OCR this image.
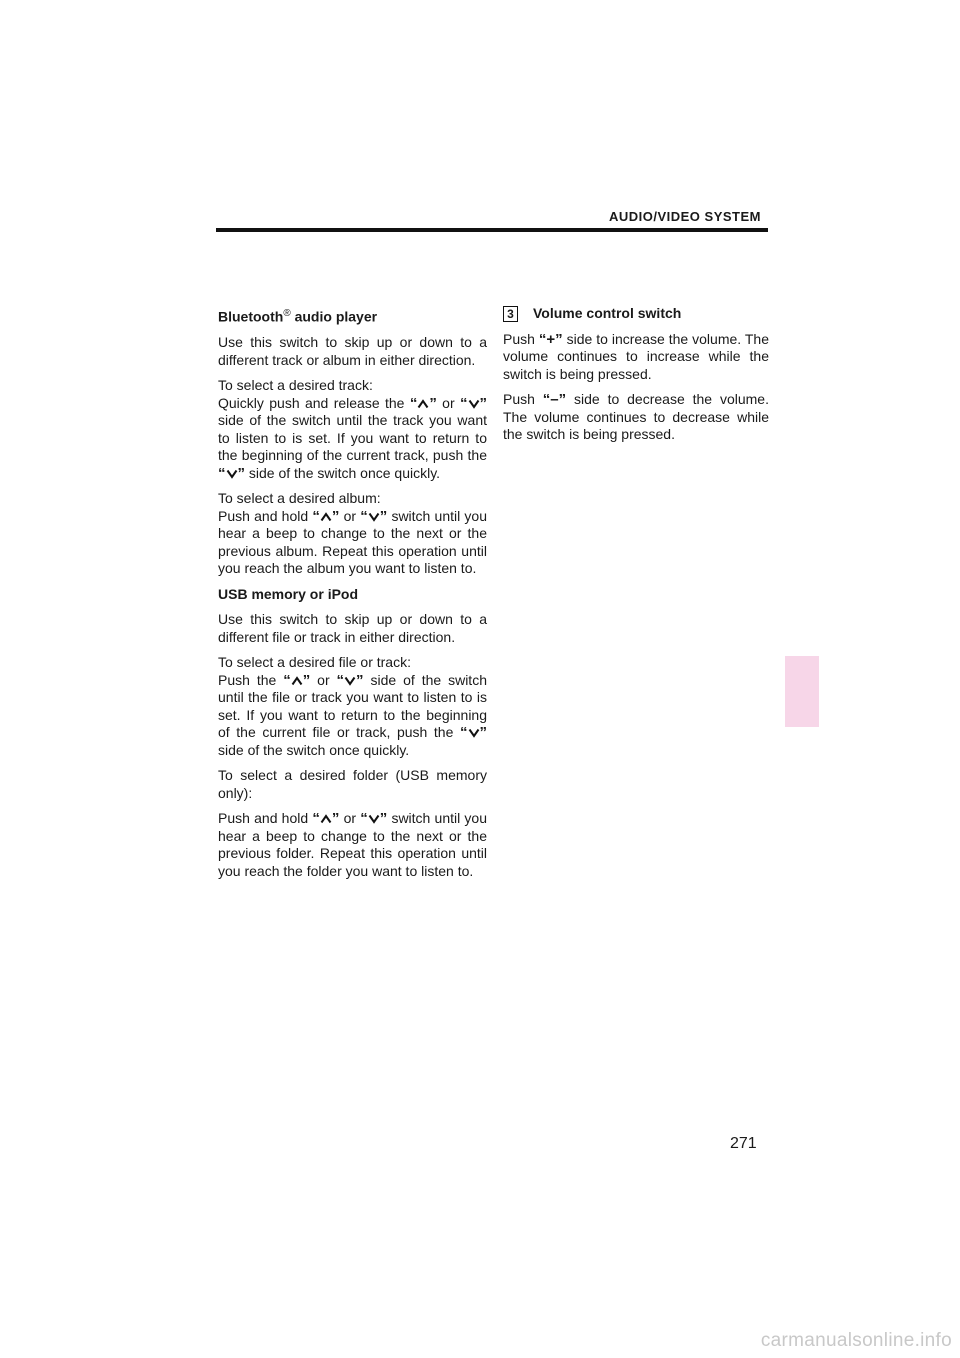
AUDIO/VIDEO SYSTEM
Bluetooth® audio player

Use this switch to skip up or down to a different track or album in either direction.

To select a desired track:
Quickly push and release the “ ” or “ ” side of the switch until the track you want to listen to is set. If you want to return to the beginning of the current track, push the “ ” side of the switch once quickly.

To select a desired album:
Push and hold “ ” or “ ” switch until you hear a beep to change to the next or the previous album. Repeat this operation until you reach the album you want to listen to.

USB memory or iPod

Use this switch to skip up or down to a different file or track in either direction.

To select a desired file or track:
Push the “ ” or “ ” side of the switch until the file or track you want to listen to is set. If you want to return to the beginning of the current file or track, push the “ ” side of the switch once quickly.

To select a desired folder (USB memory only):

Push and hold “ ” or “ ” switch until you hear a beep to change to the next or the previous folder. Repeat this operation until you reach the folder you want to listen to.

3 Volume control switch

Push “+” side to increase the volume. The volume continues to increase while the switch is being pressed.

Push “–” side to decrease the volume. The volume continues to decrease while the switch is being pressed.

271
carmanualsonline.info
